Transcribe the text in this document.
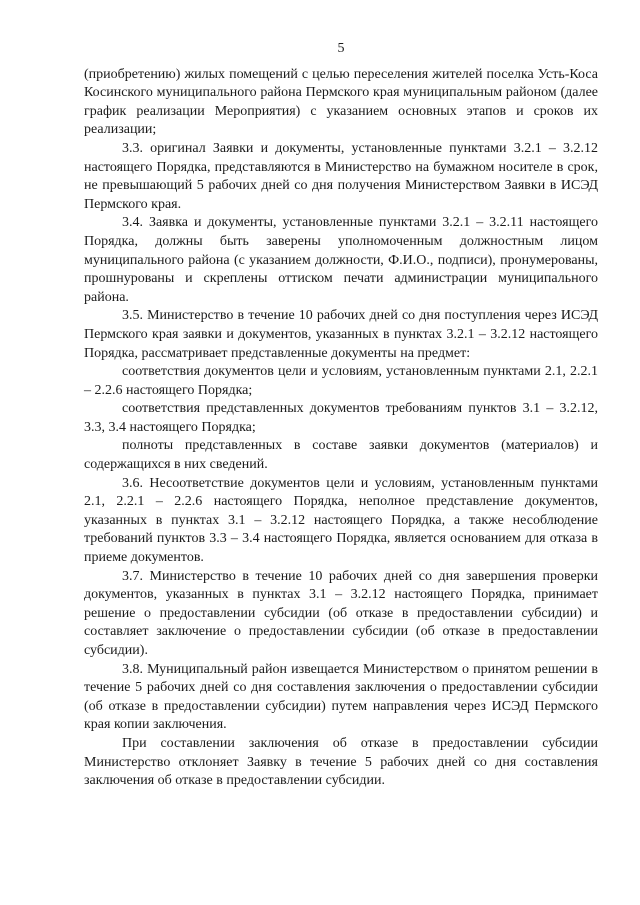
5

(приобретению) жилых помещений с целью переселения жителей поселка Усть-Коса Косинского муниципального района Пермского края муниципальным районом (далее график реализации Мероприятия) с указанием основных этапов и сроков их реализации;

3.3. оригинал Заявки и документы, установленные пунктами 3.2.1 – 3.2.12 настоящего Порядка, представляются в Министерство на бумажном носителе в срок, не превышающий 5 рабочих дней со дня получения Министерством Заявки в ИСЭД Пермского края.

3.4. Заявка и документы, установленные пунктами 3.2.1 – 3.2.11 настоящего Порядка, должны быть заверены уполномоченным должностным лицом муниципального района (с указанием должности, Ф.И.О., подписи), пронумерованы, прошнурованы и скреплены оттиском печати администрации муниципального района.

3.5. Министерство в течение 10 рабочих дней со дня поступления через ИСЭД Пермского края заявки и документов, указанных в пунктах 3.2.1 – 3.2.12 настоящего Порядка, рассматривает представленные документы на предмет:

соответствия документов цели и условиям, установленным пунктами 2.1, 2.2.1 – 2.2.6 настоящего Порядка;

соответствия представленных документов требованиям пунктов 3.1 – 3.2.12, 3.3, 3.4 настоящего Порядка;

полноты представленных в составе заявки документов (материалов) и содержащихся в них сведений.

3.6. Несоответствие документов цели и условиям, установленным пунктами 2.1, 2.2.1 – 2.2.6 настоящего Порядка, неполное представление документов, указанных в пунктах 3.1 – 3.2.12 настоящего Порядка, а также несоблюдение требований пунктов 3.3 – 3.4 настоящего Порядка, является основанием для отказа в приеме документов.

3.7. Министерство в течение 10 рабочих дней со дня завершения проверки документов, указанных в пунктах 3.1 – 3.2.12 настоящего Порядка, принимает решение о предоставлении субсидии (об отказе в предоставлении субсидии) и составляет заключение о предоставлении субсидии (об отказе в предоставлении субсидии).

3.8. Муниципальный район извещается Министерством о принятом решении в течение 5 рабочих дней со дня составления заключения о предоставлении субсидии (об отказе в предоставлении субсидии) путем направления через ИСЭД Пермского края копии заключения.

При составлении заключения об отказе в предоставлении субсидии Министерство отклоняет Заявку в течение 5 рабочих дней со дня составления заключения об отказе в предоставлении субсидии.
